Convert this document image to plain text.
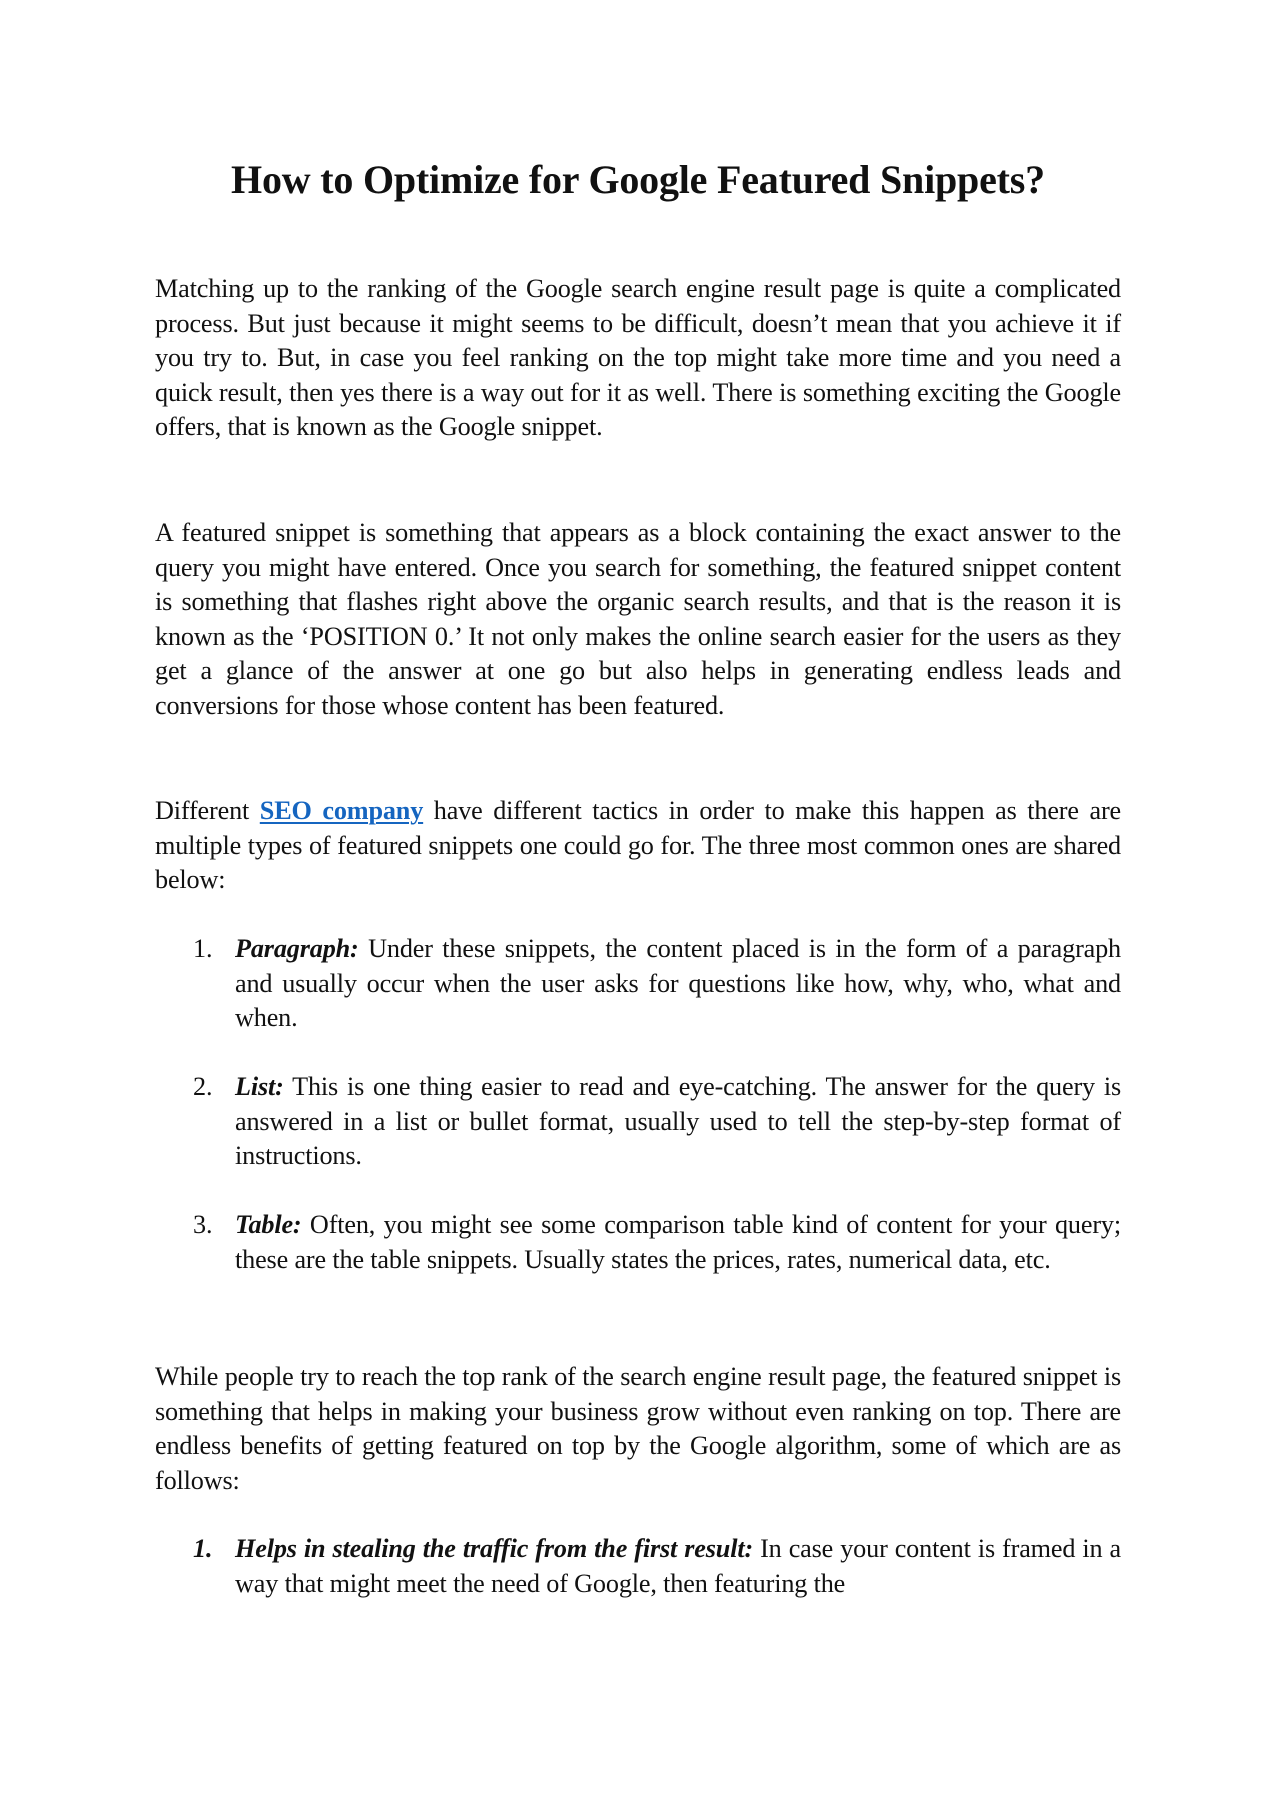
How to Optimize for Google Featured Snippets?

Matching up to the ranking of the Google search engine result page is quite a complicated process. But just because it might seems to be difficult, doesn’t mean that you achieve it if you try to. But, in case you feel ranking on the top might take more time and you need a quick result, then yes there is a way out for it as well. There is something exciting the Google offers, that is known as the Google snippet.

A featured snippet is something that appears as a block containing the exact answer to the query you might have entered. Once you search for something, the featured snippet content is something that flashes right above the organic search results, and that is the reason it is known as the ‘POSITION 0.’ It not only makes the online search easier for the users as they get a glance of the answer at one go but also helps in generating endless leads and conversions for those whose content has been featured.

Different SEO company have different tactics in order to make this happen as there are multiple types of featured snippets one could go for. The three most common ones are shared below:

1. Paragraph: Under these snippets, the content placed is in the form of a paragraph and usually occur when the user asks for questions like how, why, who, what and when.
2. List: This is one thing easier to read and eye-catching. The answer for the query is answered in a list or bullet format, usually used to tell the step-by-step format of instructions.
3. Table: Often, you might see some comparison table kind of content for your query; these are the table snippets. Usually states the prices, rates, numerical data, etc.

While people try to reach the top rank of the search engine result page, the featured snippet is something that helps in making your business grow without even ranking on top. There are endless benefits of getting featured on top by the Google algorithm, some of which are as follows:

1. Helps in stealing the traffic from the first result: In case your content is framed in a way that might meet the need of Google, then featuring the
